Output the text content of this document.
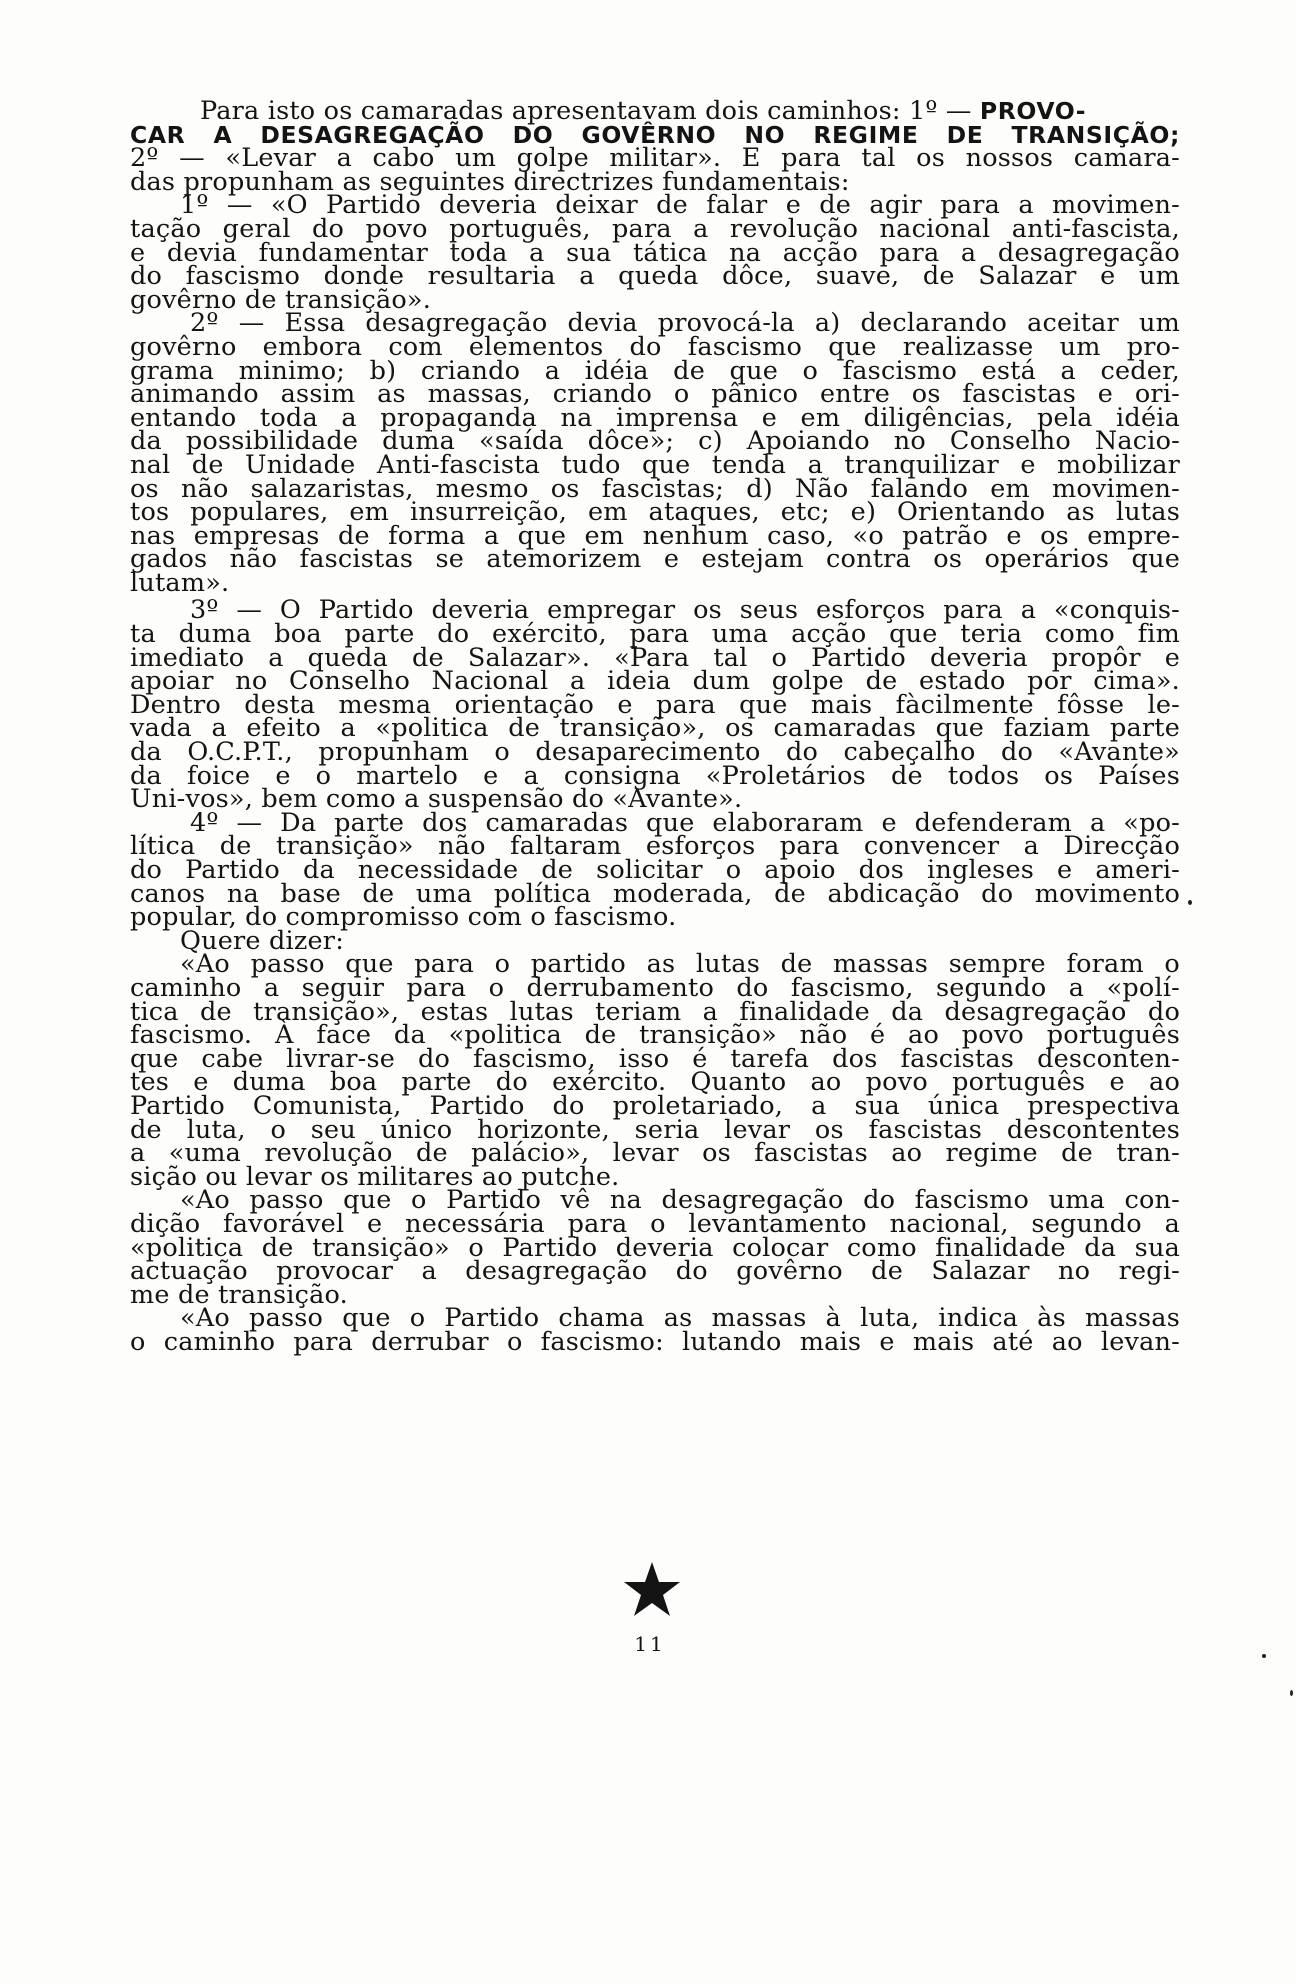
Para isto os camaradas apresentavam dois caminhos: 1º — PROVO-
CAR A DESAGREGAÇÃO DO GOVÊRNO NO REGIME DE TRANSIÇÃO;
2º — «Levar a cabo um golpe militar». E para tal os nossos camara-
das propunham as seguintes directrizes fundamentais:
1º — «O Partido deveria deixar de falar e de agir para a movimen-
tação geral do povo português, para a revolução nacional anti-fascista,
e devia fundamentar toda a sua tática na acção para a desagregação
do fascismo donde resultaria a queda dôce, suave, de Salazar e um
govêrno de transição».
2º — Essa desagregação devia provocá-la a) declarando aceitar um
govêrno embora com elementos do fascismo que realizasse um pro-
grama minimo; b) criando a idéia de que o fascismo está a ceder,
animando assim as massas, criando o pânico entre os fascistas e ori-
entando toda a propaganda na imprensa e em diligências, pela idéia
da possibilidade duma «saída dôce»; c) Apoiando no Conselho Nacio-
nal de Unidade Anti-fascista tudo que tenda a tranquilizar e mobilizar
os não salazaristas, mesmo os fascistas; d) Não falando em movimen-
tos populares, em insurreição, em ataques, etc; e) Orientando as lutas
nas empresas de forma a que em nenhum caso, «o patrão e os empre-
gados não fascistas se atemorizem e estejam contra os operários que
lutam».
3º — O Partido deveria empregar os seus esforços para a «conquis-
ta duma boa parte do exército, para uma acção que teria como fim
imediato a queda de Salazar». «Para tal o Partido deveria propôr e
apoiar no Conselho Nacional a ideia dum golpe de estado por cima».
Dentro desta mesma orientação e para que mais fàcilmente fôsse le-
vada a efeito a «politica de transição», os camaradas que faziam parte
da O.C.P.T., propunham o desaparecimento do cabeçalho do «Avante»
da foice e o martelo e a consigna «Proletários de todos os Países
Uni-vos», bem como a suspensão do «Avante».
4º — Da parte dos camaradas que elaboraram e defenderam a «po-
lítica de transição» não faltaram esforços para convencer a Direcção
do Partido da necessidade de solicitar o apoio dos ingleses e ameri-
canos na base de uma política moderada, de abdicação do movimento
popular, do compromisso com o fascismo.
Quere dizer:
«Ao passo que para o partido as lutas de massas sempre foram o
caminho a seguir para o derrubamento do fascismo, segundo a «polí-
tica de transição», estas lutas teriam a finalidade da desagregação do
fascismo. À face da «politica de transição» não é ao povo português
que cabe livrar-se do fascismo, isso é tarefa dos fascistas desconten-
tes e duma boa parte do exército. Quanto ao povo português e ao
Partido Comunista, Partido do proletariado, a sua única prespectiva
de luta, o seu único horizonte, seria levar os fascistas descontentes
a «uma revolução de palácio», levar os fascistas ao regime de tran-
sição ou levar os militares ao putche.
«Ao passo que o Partido vê na desagregação do fascismo uma con-
dição favorável e necessária para o levantamento nacional, segundo a
«politica de transição» o Partido deveria colocar como finalidade da sua
actuação provocar a desagregação do govêrno de Salazar no regi-
me de transição.
«Ao passo que o Partido chama as massas à luta, indica às massas
o caminho para derrubar o fascismo: lutando mais e mais até ao levan-
11
